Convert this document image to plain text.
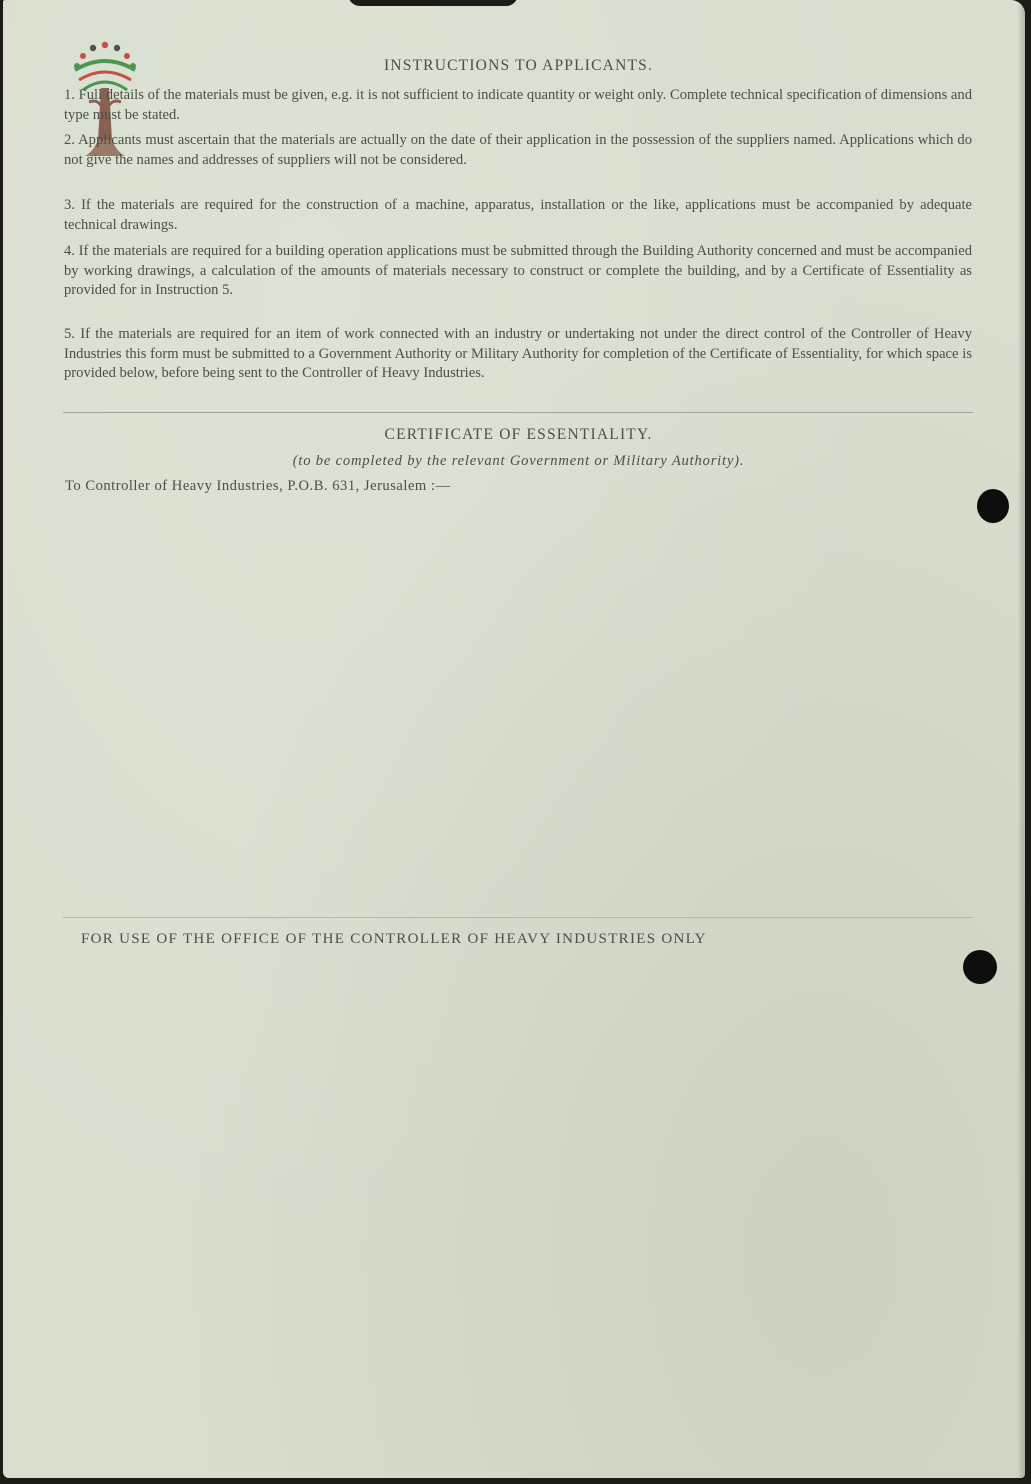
INSTRUCTIONS TO APPLICANTS.

1. Full details of the materials must be given, e.g. it is not sufficient to indicate quantity or weight only. Complete technical specification of dimensions and type must be stated.

2. Applicants must ascertain that the materials are actually on the date of their application in the possession of the suppliers named. Applications which do not give the names and addresses of suppliers will not be considered.

3. If the materials are required for the construction of a machine, apparatus, installation or the like, applications must be accompanied by adequate technical drawings.

4. If the materials are required for a building operation applications must be submitted through the Building Authority concerned and must be accompanied by working drawings, a calculation of the amounts of materials necessary to construct or complete the building, and by a Certificate of Essentiality as provided for in Instruction 5.

5. If the materials are required for an item of work connected with an industry or undertaking not under the direct control of the Controller of Heavy Industries this form must be submitted to a Government Authority or Military Authority for completion of the Certificate of Essentiality, for which space is provided below, before being sent to the Controller of Heavy Industries.

CERTIFICATE OF ESSENTIALITY.
(to be completed by the relevant Government or Military Authority).
To Controller of Heavy Industries, P.O.B. 631, Jerusalem :—
FOR USE OF THE OFFICE OF THE CONTROLLER OF HEAVY INDUSTRIES ONLY
